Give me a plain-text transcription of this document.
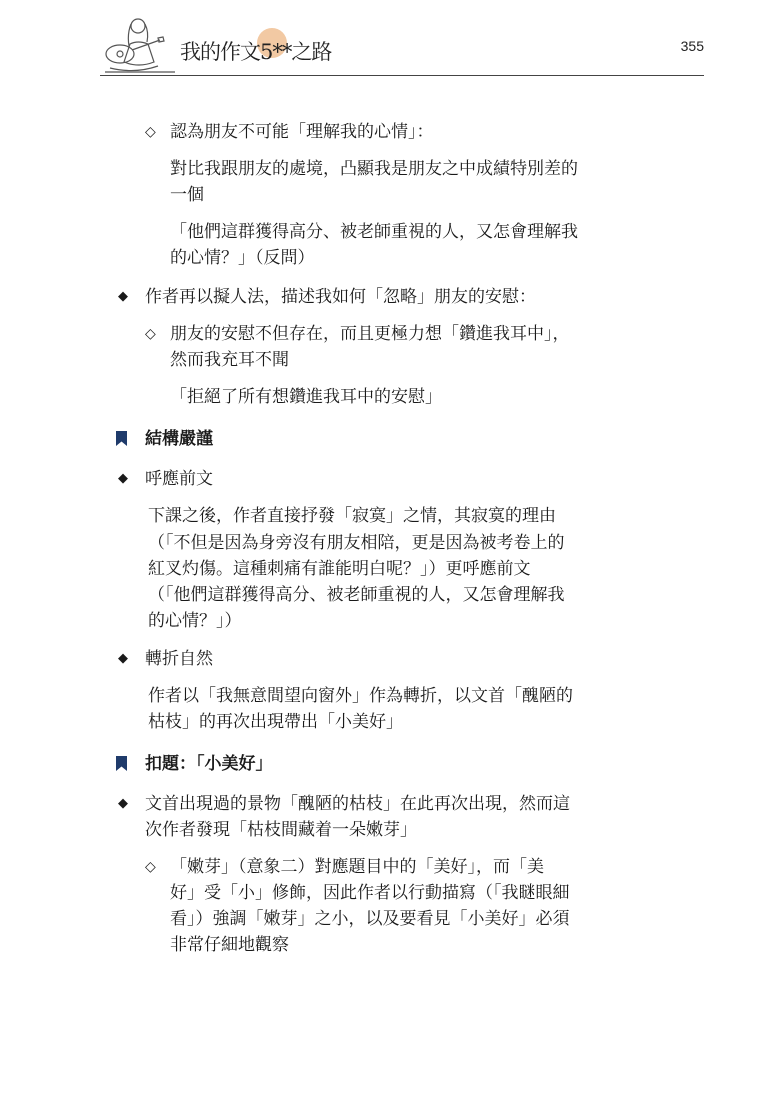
我的作文5**之路	355
◇ 認為朋友不可能「理解我的心情」：
對比我跟朋友的處境，凸顯我是朋友之中成績特別差的
一個
「他們這群獲得高分、被老師重視的人，又怎會理解我
的心情？」（反問）
◆ 作者再以擬人法，描述我如何「忽略」朋友的安慰：
◇ 朋友的安慰不但存在，而且更極力想「鑽進我耳中」，
然而我充耳不聞
「拒絕了所有想鑽進我耳中的安慰」
結構嚴謹
◆ 呼應前文
下課之後，作者直接抒發「寂寞」之情，其寂寞的理由
（「不但是因為身旁沒有朋友相陪，更是因為被考卷上的
紅叉灼傷。這種刺痛有誰能明白呢？」）更呼應前文
（「他們這群獲得高分、被老師重視的人，又怎會理解我
的心情？」）
◆ 轉折自然
作者以「我無意間望向窗外」作為轉折，以文首「醜陋的
枯枝」的再次出現帶出「小美好」
扣題：「小美好」
◆ 文首出現過的景物「醜陋的枯枝」在此再次出現，然而這
次作者發現「枯枝間藏着一朵嫩芽」
◇ 「嫩芽」（意象二）對應題目中的「美好」，而「美
好」受「小」修飾，因此作者以行動描寫（「我瞇眼細
看」）強調「嫩芽」之小，以及要看見「小美好」必須
非常仔細地觀察
